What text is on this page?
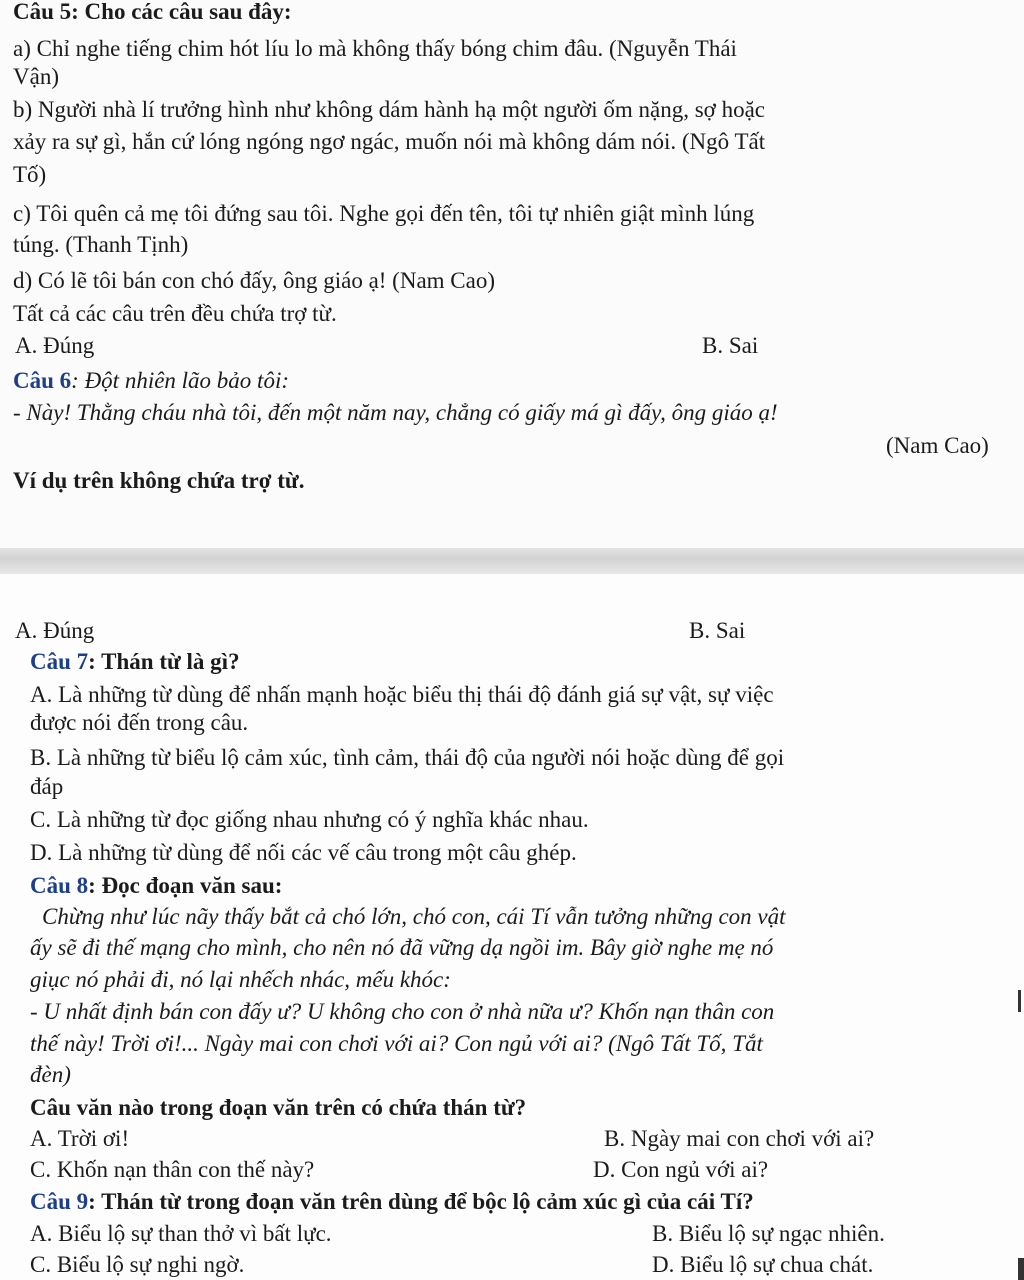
Câu 5: Cho các câu sau đây:
a) Chỉ nghe tiếng chim hót líu lo mà không thấy bóng chim đâu. (Nguyễn Thái
Vận)
b) Người nhà lí trưởng hình như không dám hành hạ một người ốm nặng, sợ hoặc
xảy ra sự gì, hắn cứ lóng ngóng ngơ ngác, muốn nói mà không dám nói. (Ngô Tất
Tố)
c) Tôi quên cả mẹ tôi đứng sau tôi. Nghe gọi đến tên, tôi tự nhiên giật mình lúng
túng. (Thanh Tịnh)
d) Có lẽ tôi bán con chó đấy, ông giáo ạ! (Nam Cao)
Tất cả các câu trên đều chứa trợ từ.
A. Đúng	B. Sai
Câu 6: Đột nhiên lão bảo tôi:
- Này! Thằng cháu nhà tôi, đến một năm nay, chẳng có giấy má gì đấy, ông giáo ạ!
(Nam Cao)
Ví dụ trên không chứa trợ từ.
A. Đúng	B. Sai
Câu 7: Thán từ là gì?
A. Là những từ dùng để nhấn mạnh hoặc biểu thị thái độ đánh giá sự vật, sự việc
được nói đến trong câu.
B. Là những từ biểu lộ cảm xúc, tình cảm, thái độ của người nói hoặc dùng để gọi
đáp
C. Là những từ đọc giống nhau nhưng có ý nghĩa khác nhau.
D. Là những từ dùng để nối các vế câu trong một câu ghép.
Câu 8: Đọc đoạn văn sau:
Chừng như lúc nãy thấy bắt cả chó lớn, chó con, cái Tí vẫn tưởng những con vật
ấy sẽ đi thế mạng cho mình, cho nên nó đã vững dạ ngồi im. Bây giờ nghe mẹ nó
giục nó phải đi, nó lại nhếch nhác, mếu khóc:
- U nhất định bán con đấy ư? U không cho con ở nhà nữa ư? Khốn nạn thân con
thế này! Trời ơi!... Ngày mai con chơi với ai? Con ngủ với ai? (Ngô Tất Tố, Tắt
đèn)
Câu văn nào trong đoạn văn trên có chứa thán từ?
A. Trời ơi!	B. Ngày mai con chơi với ai?
C. Khốn nạn thân con thế này?	D. Con ngủ với ai?
Câu 9: Thán từ trong đoạn văn trên dùng để bộc lộ cảm xúc gì của cái Tí?
A. Biểu lộ sự than thở vì bất lực.	B. Biểu lộ sự ngạc nhiên.
C. Biểu lộ sự nghi ngờ.	D. Biểu lộ sự chua chát.
